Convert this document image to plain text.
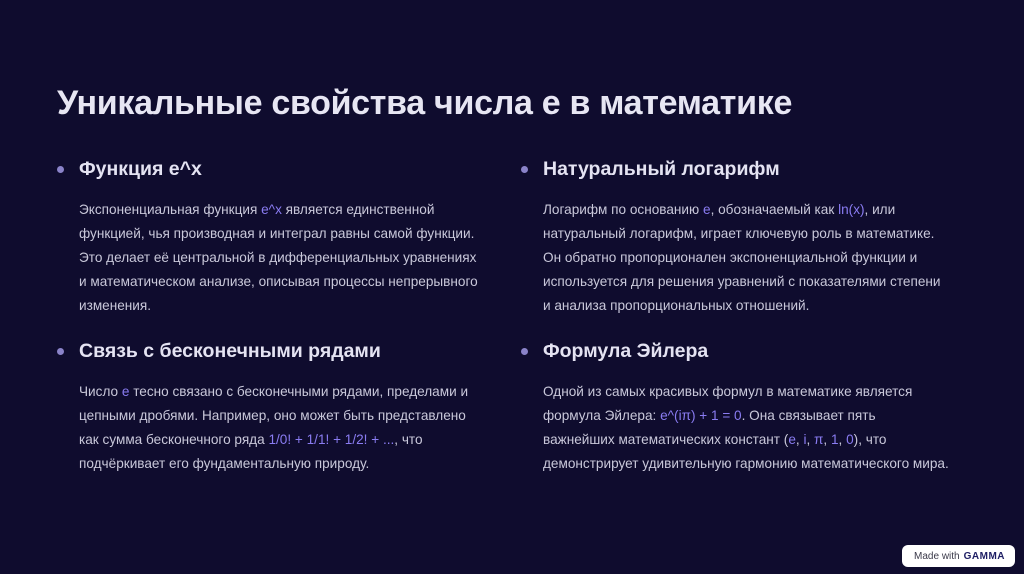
Уникальные свойства числа e в математике
Функция e^x

Экспоненциальная функция e^x является единственной функцией, чья производная и интеграл равны самой функции. Это делает её центральной в дифференциальных уравнениях и математическом анализе, описывая процессы непрерывного изменения.

Натуральный логарифм

Логарифм по основанию e, обозначаемый как ln(x), или натуральный логарифм, играет ключевую роль в математике. Он обратно пропорционален экспоненциальной функции и используется для решения уравнений с показателями степени и анализа пропорциональных отношений.

Связь с бесконечными рядами

Число e тесно связано с бесконечными рядами, пределами и цепными дробями. Например, оно может быть представлено как сумма бесконечного ряда 1/0! + 1/1! + 1/2! + ..., что подчёркивает его фундаментальную природу.

Формула Эйлера

Одной из самых красивых формул в математике является формула Эйлера: e^(iπ) + 1 = 0. Она связывает пять важнейших математических констант (e, i, π, 1, 0), что демонстрирует удивительную гармонию математического мира.

Made with GAMMA
